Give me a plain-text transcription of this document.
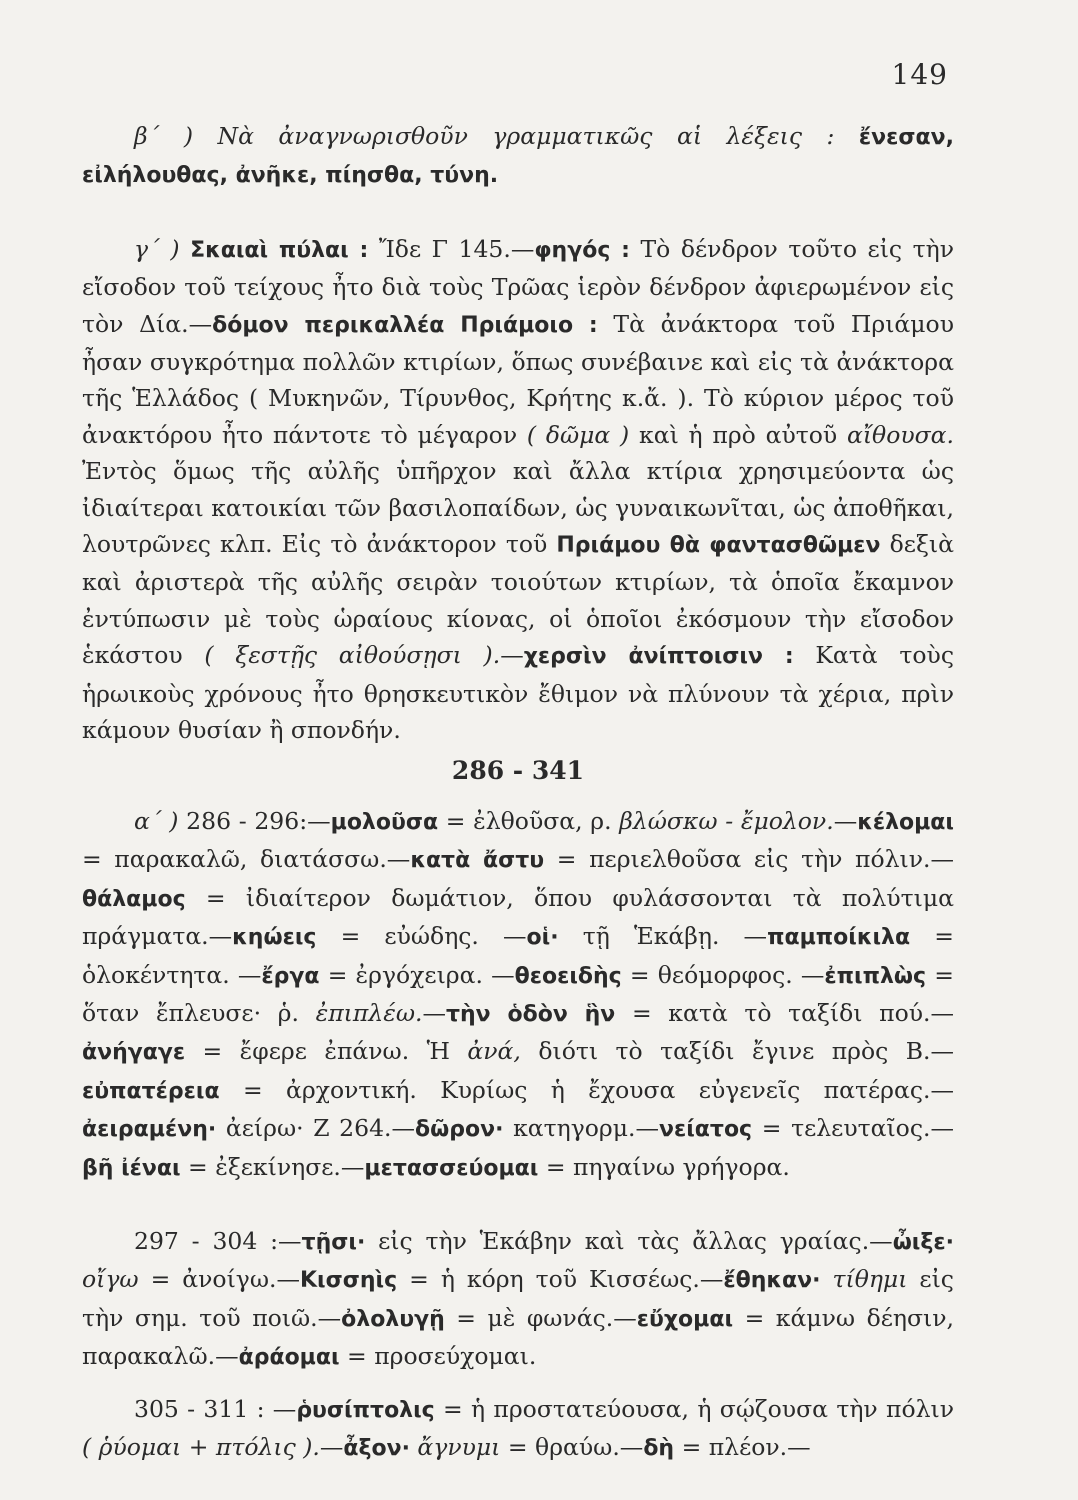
149

β΄ ) Νὰ ἀναγνωρισθοῦν γραμματικῶς αἱ λέξεις : ἔνεσαν, εἰλήλουθας, ἀνῆκε, πίησθα, τύνη.

γ΄ ) Σκαιαὶ πύλαι : Ἴδε Γ 145.—φηγός : Τὸ δένδρον τοῦτο εἰς τὴν εἴσοδον τοῦ τείχους ἦτο διὰ τοὺς Τρῶας ἱερὸν δένδρον ἀφιερωμένον εἰς τὸν Δία.—δόμον περικαλλέα Πριάμοιο : Τὰ ἀνάκτορα τοῦ Πριάμου ἦσαν συγκρότημα πολλῶν κτιρίων, ὅπως συνέβαινε καὶ εἰς τὰ ἀνάκτορα τῆς Ἑλλάδος ( Μυκηνῶν, Τίρυνθος, Κρήτης κ.ἄ. ). Τὸ κύριον μέρος τοῦ ἀνακτόρου ἦτο πάντοτε τὸ μέγαρον ( δῶμα ) καὶ ἡ πρὸ αὐτοῦ αἴθουσα. Ἐντὸς ὅμως τῆς αὐλῆς ὑπῆρχον καὶ ἄλλα κτίρια χρησιμεύοντα ὡς ἰδιαίτεραι κατοικίαι τῶν βασιλοπαίδων, ὡς γυναικωνῖται, ὡς ἀποθῆκαι, λουτρῶνες κλπ. Εἰς τὸ ἀνάκτορον τοῦ Πριάμου θὰ φαντασθῶμεν δεξιὰ καὶ ἀριστερὰ τῆς αὐλῆς σειρὰν τοιούτων κτιρίων, τὰ ὁποῖα ἔκαμνον ἐντύπωσιν μὲ τοὺς ὡραίους κίονας, οἱ ὁποῖοι ἐκόσμουν τὴν εἴσοδον ἑκάστου ( ξεστῇς αἰθούσῃσι ).—χερσὶν ἀνίπτοισιν : Κατὰ τοὺς ἡρωικοὺς χρόνους ἦτο θρησκευτικὸν ἔθιμον νὰ πλύνουν τὰ χέρια, πρὶν κάμουν θυσίαν ἢ σπονδήν.

286 - 341

α΄ ) 286 - 296:—μολοῦσα = ἐλθοῦσα, ρ. βλώσκω - ἔμολον.—κέλομαι = παρακαλῶ, διατάσσω.—κατὰ ἄστυ = περιελθοῦσα εἰς τὴν πόλιν.—θάλαμος = ἰδιαίτερον δωμάτιον, ὅπου φυλάσσονται τὰ πολύτιμα πράγματα.—κηώεις = εὐώδης. —οἱ· τῇ Ἑκάβῃ. —παμποίκιλα = ὁλοκέντητα. —ἔργα = ἐργόχειρα. —θεοειδὴς = θεόμορφος. —ἐπιπλὼς = ὅταν ἔπλευσε· ῥ. ἐπιπλέω.—τὴν ὁδὸν ἣν = κατὰ τὸ ταξίδι πού.—ἀνήγαγε = ἔφερε ἐπάνω. Ἡ ἀνά, διότι τὸ ταξίδι ἔγινε πρὸς Β.—εὐπατέρεια = ἀρχοντική. Κυρίως ἡ ἔχουσα εὐγενεῖς πατέρας.—ἀειραμένη· ἀείρω· Ζ 264.—δῶρον· κατηγορμ.—νείατος = τελευταῖος.—βῆ ἰέναι = ἐξεκίνησε.—μετασσεύομαι = πηγαίνω γρήγορα.

297 - 304 :—τῇσι· εἰς τὴν Ἑκάβην καὶ τὰς ἄλλας γραίας.—ὦιξε· οἴγω = ἀνοίγω.—Κισσηὶς = ἡ κόρη τοῦ Κισσέως.—ἔθηκαν· τίθημι εἰς τὴν σημ. τοῦ ποιῶ.—ὀλολυγῇ = μὲ φωνάς.—εὔχομαι = κάμνω δέησιν, παρακαλῶ.—ἀράομαι = προσεύχομαι.

305 - 311 : —ῥυσίπτολις = ἡ προστατεύουσα, ἡ σῴζουσα τὴν πόλιν ( ῥύομαι + πτόλις ).—ἆξον· ἄγνυμι = θραύω.—δὴ = πλέον.—
